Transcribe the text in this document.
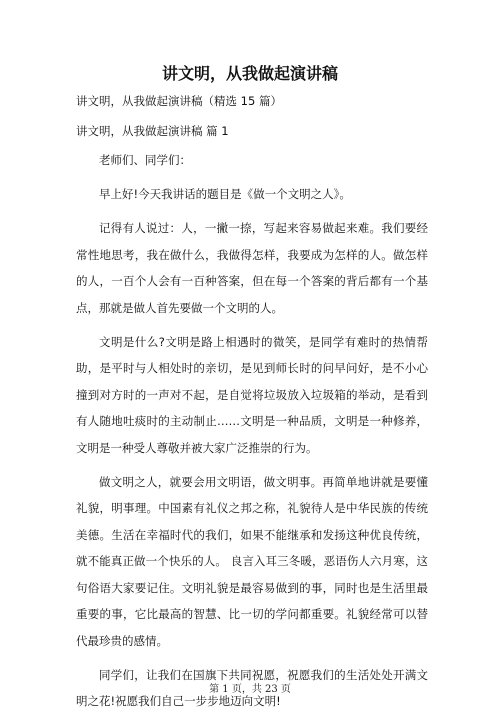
讲文明，从我做起演讲稿
讲文明，从我做起演讲稿（精选 15 篇）
讲文明，从我做起演讲稿 篇 1

老师们、同学们：

早上好!今天我讲话的题目是《做一个文明之人》。

记得有人说过：人，一撇一捺，写起来容易做起来难。我们要经常性地思考，我在做什么，我做得怎样，我要成为怎样的人。做怎样的人，一百个人会有一百种答案，但在每一个答案的背后都有一个基点，那就是做人首先要做一个文明的人。

文明是什么?文明是路上相遇时的微笑，是同学有难时的热情帮助，是平时与人相处时的亲切，是见到师长时的问早问好，是不小心撞到对方时的一声对不起，是自觉将垃圾放入垃圾箱的举动，是看到有人随地吐痰时的主动制止……文明是一种品质，文明是一种修养，文明是一种受人尊敬并被大家广泛推崇的行为。

做文明之人，就要会用文明语，做文明事。再简单地讲就是要懂礼貌，明事理。中国素有礼仪之邦之称，礼貌待人是中华民族的传统美德。生活在幸福时代的我们，如果不能继承和发扬这种优良传统，就不能真正做一个快乐的人。 良言入耳三冬暖，恶语伤人六月寒，这句俗语大家要记住。文明礼貌是最容易做到的事，同时也是生活里最重要的事，它比最高的智慧、比一切的学问都重要。礼貌经常可以替代最珍贵的感情。

同学们，让我们在国旗下共同祝愿，祝愿我们的生活处处开满文明之花!祝愿我们自己一步步地迈向文明!

第 1 页，共 23 页
